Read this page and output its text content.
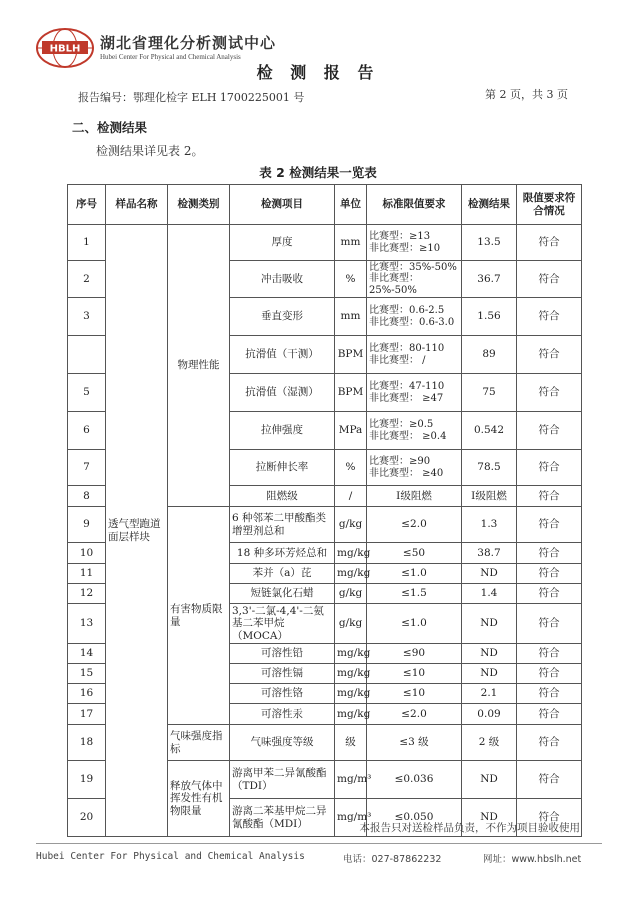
HBLH 湖北省理化分析测试中心
Hubei Center For Physical and Chemical Analysis
检 测 报 告
报告编号：鄂理化检字 ELH 1700225001 号	第 2 页，共 3 页
二、检测结果
检测结果详见表 2。
表 2 检测结果一览表
序号	样品名称	检测类别	检测项目	单位	标准限值要求	检测结果	限值要求符合情况
1	透气型跑道面层样块	物理性能	厚度	mm	比赛型：≥13
非比赛型：≥10	13.5	符合
2			冲击吸收	%	比赛型：35%-50%
非比赛型：25%-50%	36.7	符合
3			垂直变形	mm	比赛型：0.6-2.5
非比赛型：0.6-3.0	1.56	符合
			抗滑值（干测）	BPM	比赛型：80-110
非比赛型： /	89	符合
5			抗滑值（湿测）	BPM	比赛型：47-110
非比赛型： ≥47	75	符合
6			拉伸强度	MPa	比赛型：≥0.5
非比赛型： ≥0.4	0.542	符合
7			拉断伸长率	%	比赛型：≥90
非比赛型： ≥40	78.5	符合
8			阻燃级	/	Ⅰ级阻燃	Ⅰ级阻燃	符合
9		有害物质限量	6 种邻苯二甲酸酯类增塑剂总和	g/kg	≤2.0	1.3	符合
10			18 种多环芳烃总和	mg/kg	≤50	38.7	符合
11			苯并（a）芘	mg/kg	≤1.0	ND	符合
12			短链氯化石蜡	g/kg	≤1.5	1.4	符合
13			3,3'-二氯-4,4'-二氨基二苯甲烷（MOCA）	g/kg	≤1.0	ND	符合
14			可溶性铅	mg/kg	≤90	ND	符合
15			可溶性镉	mg/kg	≤10	ND	符合
16			可溶性铬	mg/kg	≤10	2.1	符合
17			可溶性汞	mg/kg	≤2.0	0.09	符合
18		气味强度指标	气味强度等级	级	≤3 级	2 级	符合
19		释放气体中挥发性有机物限量	游离甲苯二异氰酸酯（TDI）	mg/m³	≤0.036	ND	符合
20			游离二苯基甲烷二异氰酸酯（MDI）	mg/m³	≤0.050	ND	符合
本报告只对送检样品负责，不作为项目验收使用
Hubei Center For Physical and Chemical Analysis	电话：027-87862232	网址：www.hbslh.net
